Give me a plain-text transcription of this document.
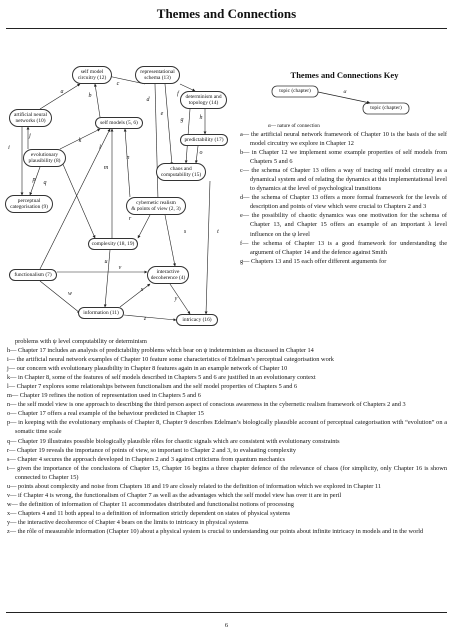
Themes and Connections
self model
circuitry (12)
representational
schema (13)
artificial neural
networks (10)	self models (5, 6)
determinism and
topology (14)
evolutionary
plausibility (8)
predictability (17)
chaos and
computability (15)
perceptual
categorisation (9)
cybernetic realism
& points of view (2, 3)
complexity (18, 19)
functionalism (7)
interactive
decoherence (4)
information (11)
intricacy (16)
a
b
c
d
e
f
g	h
i
j
k
l
m
n
o
p q
r
s	t
u
v
w
x
y
z
Themes and Connections Key
topic (chapter)
topic (chapter)
α
α— nature of connection
a— the artificial neural network framework of Chapter 10 is the basis of the self model circuitry we explore in Chapter 12
b— in Chapter 12 we implement some example properties of self models from Chapters 5 and 6
c— the schema of Chapter 13 offers a way of tracing self model circuitry as a dynamical system and of relating the dynamics at this implementational level to dynamics at the level of psychological transitions
d— the schema of Chapter 13 offers a more formal framework for the levels of description and points of view which were crucial to Chapters 2 and 3
e— the possibility of chaotic dynamics was one motivation for the schema of Chapter 13, and Chapter 15 offers an example of an important λ level influence on the ψ level
f— the schema of Chapter 13 is a good framework for understanding the argument of Chapter 14 and the defence against Smith
g— Chapters 13 and 15 each offer different arguments for
problems with ψ level computability or determinism
h— Chapter 17 includes an analysis of predictability problems which bear on ψ indeterminism as discussed in Chapter 14
i— the artificial neural network examples of Chapter 10 feature some characteristics of Edelman’s perceptual categorisation work
j— our concern with evolutionary plausibility in Chapter 8 features again in an example network of Chapter 10
k— in Chapter 8, some of the features of self models described in Chapters 5 and 6 are justified in an evolutionary context
l— Chapter 7 explores some relationships between functionalism and the self model properties of Chapters 5 and 6
m— Chapter 19 refines the notion of representation used in Chapters 5 and 6
n— the self model view is one approach to describing the third person aspect of conscious awareness in the cybernetic realism framework of Chapters 2 and 3
o— Chapter 17 offers a real example of the behaviour predicted in Chapter 15
p— in keeping with the evolutionary emphasis of Chapter 8, Chapter 9 describes Edelman’s biologically plausible account of perceptual categorisation with “evolution” on a somatic time scale
q— Chapter 19 illustrates possible biologically plausible rôles for chaotic signals which are consistent with evolutionary constraints
r— Chapter 19 reveals the importance of points of view, so important to Chapter 2 and 3, to evaluating complexity
s— Chapter 4 secures the approach developed in Chapters 2 and 3 against criticisms from quantum mechanics
t— given the importance of the conclusions of Chapter 15, Chapter 16 begins a three chapter defence of the relevance of chaos (for simplicity, only Chapter 16 is shown connected to Chapter 15)
u— points about complexity and noise from Chapters 18 and 19 are closely related to the definition of information which we explored in Chapter 11
v— if Chapter 4 is wrong, the functionalism of Chapter 7 as well as the advantages which the self model view has over it are in peril
w— the definition of information of Chapter 11 accommodates distributed and functionalist notions of processing
x— Chapters 4 and 11 both appeal to a definition of information strictly dependent on states of physical systems
y— the interactive decoherence of Chapter 4 bears on the limits to intricacy in physical systems
z— the rôle of measurable information (Chapter 10) about a physical system is crucial to understanding our points about infinite intricacy in models and in the world
6
